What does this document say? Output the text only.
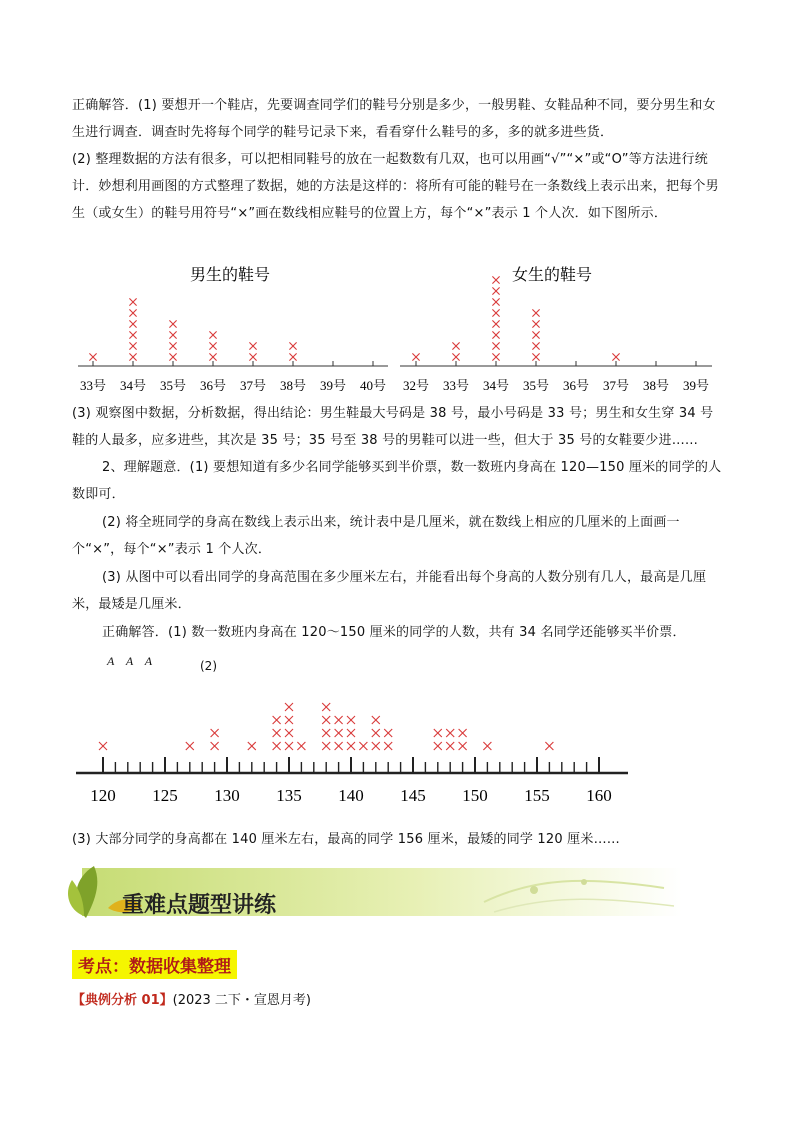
正确解答．(1) 要想开一个鞋店，先要调查同学们的鞋号分别是多少，一般男鞋、女鞋品种不同，要分男生和女生进行调查．调查时先将每个同学的鞋号记录下来，看看穿什么鞋号的多，多的就多进些货．
(2) 整理数据的方法有很多，可以把相同鞋号的放在一起数数有几双，也可以用画“√”“×”或“O”等方法进行统计．妙想利用画图的方式整理了数据，她的方法是这样的：将所有可能的鞋号在一条数线上表示出来，把每个男生（或女生）的鞋号用符号“×”画在数线相应鞋号的位置上方，每个“×”表示 1 个人次．如下图所示．
男生的鞋号	女生的鞋号
33号 34号 35号 36号 37号 38号 39号 40号 32号 33号 34号 35号 36号 37号 38号 39号
(3) 观察图中数据，分析数据，得出结论：男生鞋最大号码是 38 号，最小号码是 33 号；男生和女生穿 34 号鞋的人最多，应多进些，其次是 35 号；35 号至 38 号的男鞋可以进一些，但大于 35 号的女鞋要少进……
2、理解题意．(1) 要想知道有多少名同学能够买到半价票，数一数班内身高在 120—150 厘米的同学的人数即可．
(2) 将全班同学的身高在数线上表示出来，统计表中是几厘米，就在数线上相应的几厘米的上面画一个“×”，每个“×”表示 1 个人次．
(3) 从图中可以看出同学的身高范围在多少厘米左右，并能看出每个身高的人数分别有几人，最高是几厘米，最矮是几厘米．
正确解答．(1) 数一数班内身高在 120～150 厘米的同学的人数，共有 34 名同学还能够买半价票．
A    A    A	(2)
120 125 130 135 140 145 150 155 160
(3) 大部分同学的身高都在 140 厘米左右，最高的同学 156 厘米，最矮的同学 120 厘米……
重难点题型讲练
考点：数据收集整理
【典例分析 01】(2023 二下・宣恩月考)
